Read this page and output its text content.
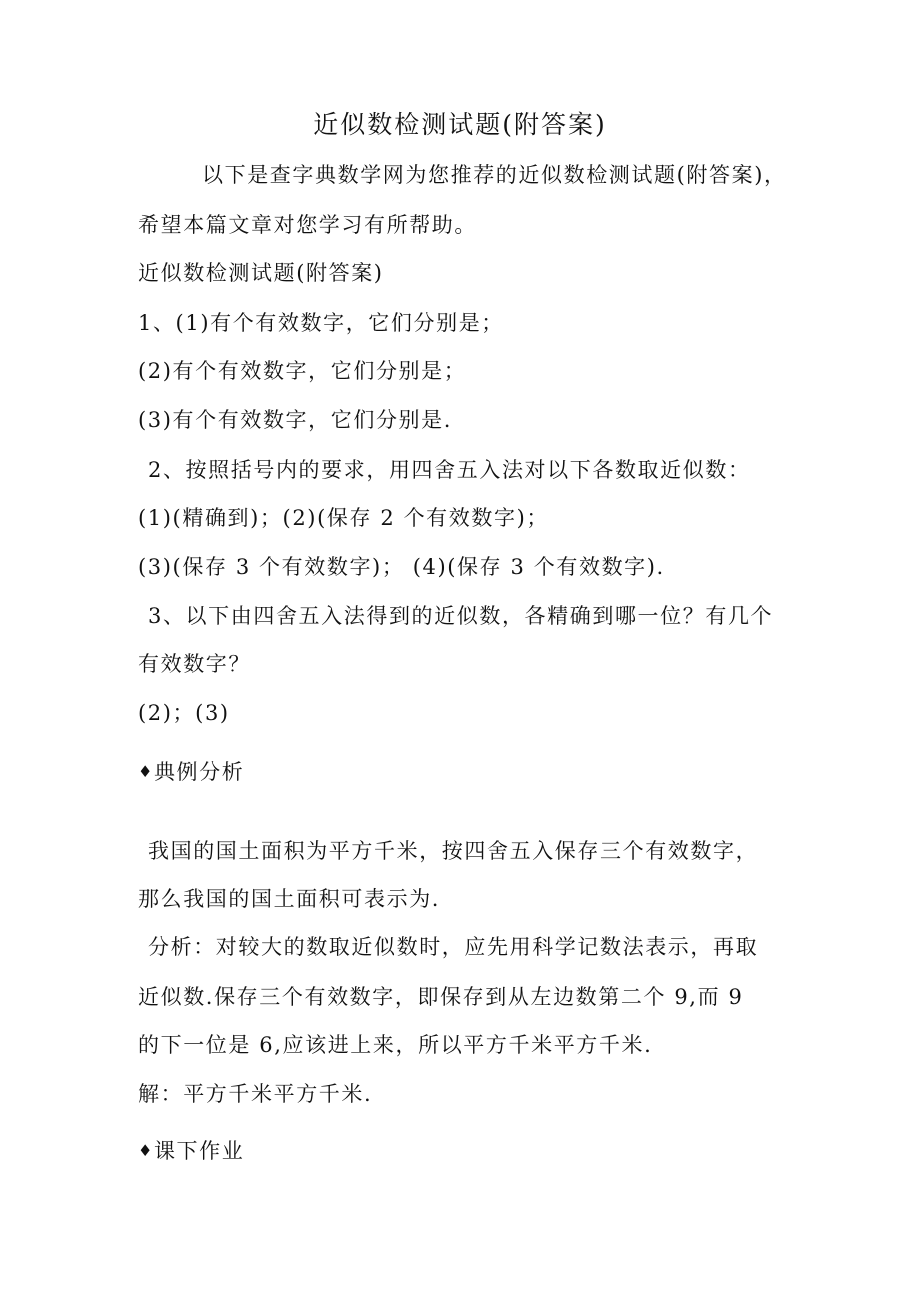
近似数检测试题(附答案)
以下是查字典数学网为您推荐的近似数检测试题(附答案)，
希望本篇文章对您学习有所帮助。
近似数检测试题(附答案)
1、(1)有个有效数字，它们分别是；
(2)有个有效数字，它们分别是；
(3)有个有效数字，它们分别是.
2、按照括号内的要求，用四舍五入法对以下各数取近似数：
(1)(精确到)；(2)(保存 2 个有效数字)；
(3)(保存 3 个有效数字)； (4)(保存 3 个有效数字).
3、以下由四舍五入法得到的近似数，各精确到哪一位？有几个
有效数字？
(2)；(3)
♦典例分析
我国的国土面积为平方千米，按四舍五入保存三个有效数字，
那么我国的国土面积可表示为.
分析：对较大的数取近似数时，应先用科学记数法表示，再取
近似数.保存三个有效数字，即保存到从左边数第二个 9,而 9
的下一位是 6,应该进上来，所以平方千米平方千米.
解：平方千米平方千米.
♦课下作业
